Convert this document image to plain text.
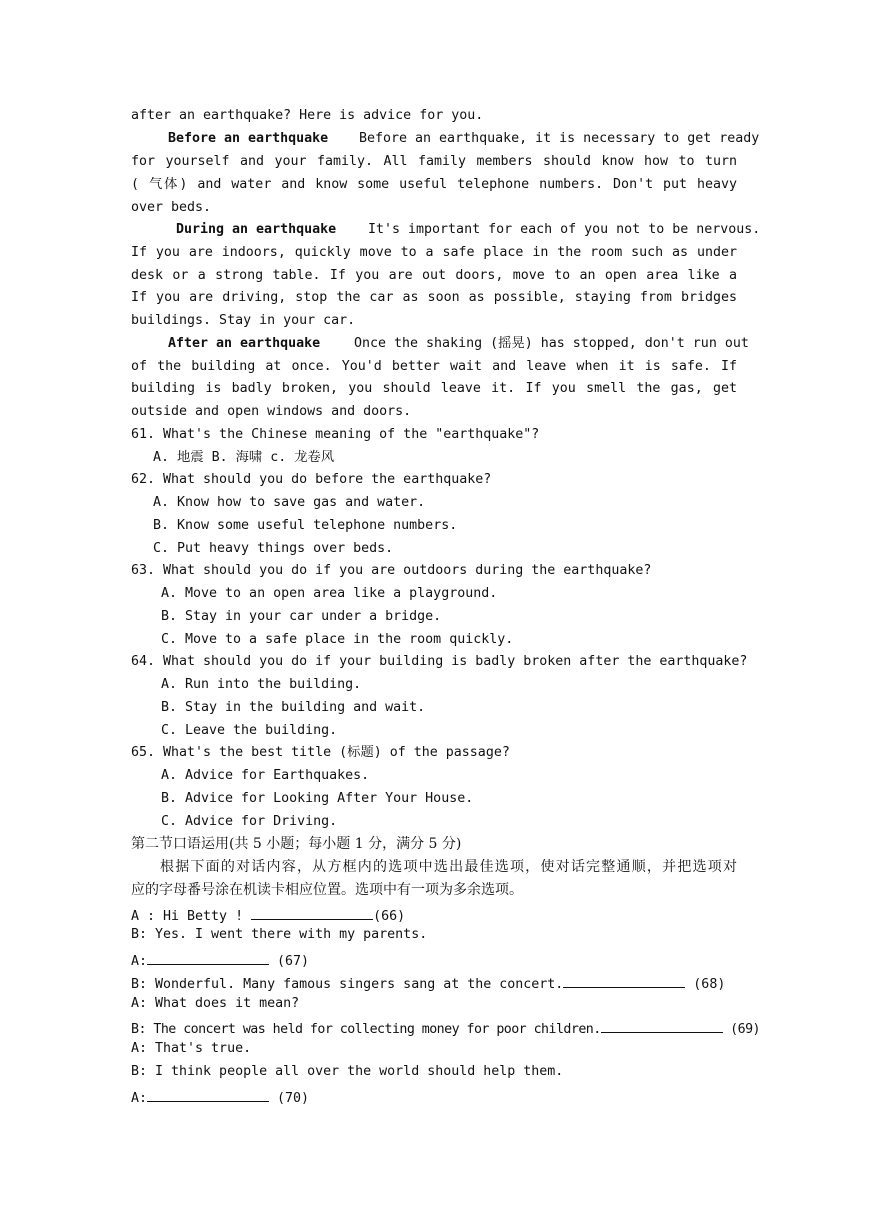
after an earthquake? Here is advice for you.
Before an earthquake Before an earthquake, it is necessary to get ready
for yourself and your family. All family members should know how to turn
( 气体) and water and know some useful telephone numbers. Don't put heavy
over beds.
During an earthquake It's important for each of you not to be nervous.
If you are indoors, quickly move to a safe place in the room such as under
desk or a strong table. If you are out doors, move to an open area like a
If you are driving, stop the car as soon as possible, staying from bridges
buildings. Stay in your car.
After an earthquake	Once the shaking (摇晃) has stopped, don't run out
of the building at once. You'd better wait and leave when it is safe. If
building is badly broken, you should leave it. If you smell the gas, get
outside and open windows and doors.
61. What's the Chinese meaning of the "earthquake"?
A. 地震 B. 海啸 c. 龙卷风
62. What should you do before the earthquake?
A. Know how to save gas and water.
B. Know some useful telephone numbers.
C. Put heavy things over beds.
63. What should you do if you are outdoors during the earthquake?
A. Move to an open area like a playground.
B. Stay in your car under a bridge.
C. Move to a safe place in the room quickly.
64. What should you do if your building is badly broken after the earthquake?
A. Run into the building.
B. Stay in the building and wait.
C. Leave the building.
65. What's the best title (标题) of the passage?
A. Advice for Earthquakes.
B. Advice for Looking After Your House.
C. Advice for Driving.
第二节口语运用(共 5 小题；每小题 1 分，满分 5 分)
根据下面的对话内容，从方框内的选项中选出最佳选项，使对话完整通顺，并把选项对
应的字母番号涂在机读卡相应位置。选项中有一项为多余选项。
A : Hi Betty !	(66)
B: Yes. I went there with my parents.
A:	(67)
B: Wonderful. Many famous singers sang at the concert.	(68)
A: What does it mean?
B: The concert was held for collecting money for poor children.	(69)
A: That's true.
B: I think people all over the world should help them.
A:	(70)
